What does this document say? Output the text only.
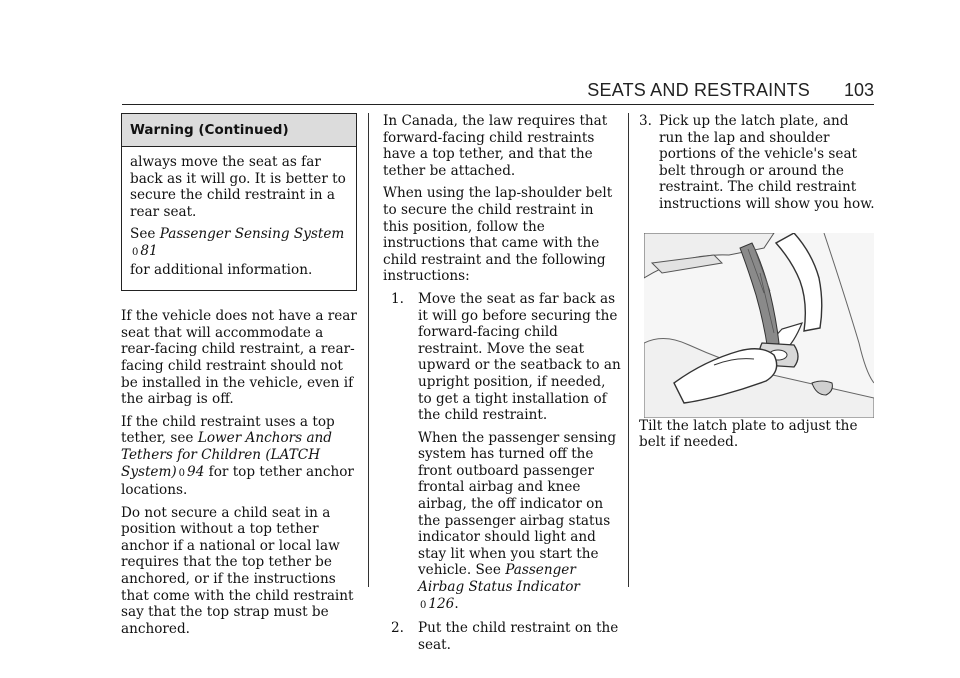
SEATS AND RESTRAINTS 103
Warning (Continued)

always move the seat as far back as it will go. It is better to secure the child restraint in a rear seat.

See Passenger Sensing System 0 81
for additional information.

If the vehicle does not have a rear seat that will accommodate a rear-facing child restraint, a rear-facing child restraint should not be installed in the vehicle, even if the airbag is off.

If the child restraint uses a top tether, see Lower Anchors and Tethers for Children (LATCH System) 0 94 for top tether anchor locations.

Do not secure a child seat in a position without a top tether anchor if a national or local law requires that the top tether be anchored, or if the instructions that come with the child restraint say that the top strap must be anchored.

In Canada, the law requires that forward-facing child restraints have a top tether, and that the tether be attached.

When using the lap-shoulder belt to secure the child restraint in this position, follow the instructions that came with the child restraint and the following instructions:

1. Move the seat as far back as it will go before securing the forward-facing child restraint. Move the seat upward or the seatback to an upright position, if needed, to get a tight installation of the child restraint.
When the passenger sensing system has turned off the front outboard passenger frontal airbag and knee airbag, the off indicator on the passenger airbag status indicator should light and stay lit when you start the vehicle. See Passenger Airbag Status Indicator 0 126.
2. Put the child restraint on the seat.
3. Pick up the latch plate, and run the lap and shoulder portions of the vehicle's seat belt through or around the restraint. The child restraint instructions will show you how.

Tilt the latch plate to adjust the belt if needed.
